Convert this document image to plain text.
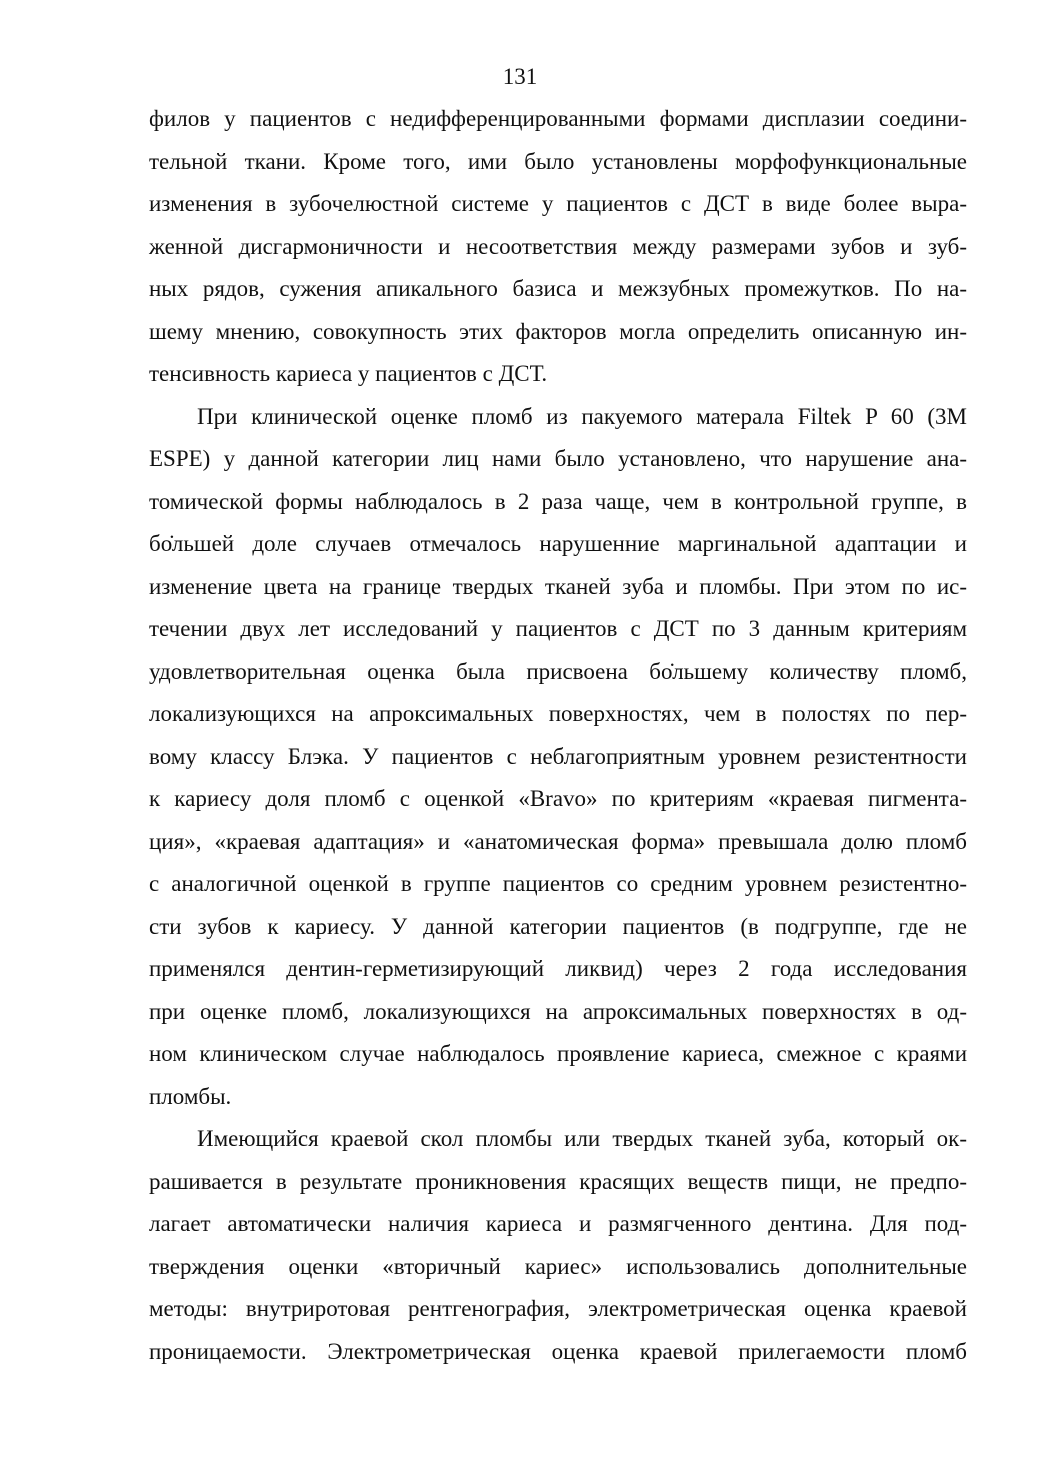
131
филов у пациентов с недифференцированными формами дисплазии соедини-
тельной ткани. Кроме того, ими было установлены морфофункциональные
изменения в зубочелюстной системе у пациентов с ДСТ в виде более выра-
женной дисгармоничности и несоответствия между размерами зубов и зуб-
ных рядов, сужения апикального базиса и межзубных промежутков. По на-
шему мнению, совокупность этих факторов могла определить описанную ин-
тенсивность кариеса у пациентов с ДСТ.
При клинической оценке пломб из пакуемого матерала Filtek P 60 (3M
ESPE) у данной категории лиц нами было установлено, что нарушение ана-
томической формы наблюдалось в 2 раза чаще, чем в контрольной группе, в
бо̇льшей доле случаев отмечалось нарушенние маргинальной адаптации и
изменение цвета на границе твердых тканей зуба и пломбы. При этом по ис-
течении двух лет исследований у пациентов с ДСТ по 3 данным критериям
удовлетворительная оценка была присвоена бо̇льшему количеству пломб,
локализующихся на апроксимальных поверхностях, чем в полостях по пер-
вому классу Блэка. У пациентов с неблагоприятным уровнем резистентности
к кариесу доля пломб с оценкой «Bravo» по критериям «краевая пигмента-
ция», «краевая адаптация» и «анатомическая форма» превышала долю пломб
с аналогичной оценкой в группе пациентов со средним уровнем резистентно-
сти зубов к кариесу. У данной категории пациентов (в подгруппе, где не
применялся дентин-герметизирующий ликвид) через 2 года исследования
при оценке пломб, локализующихся на апроксимальных поверхностях в од-
ном клиническом случае наблюдалось проявление кариеса, смежное с краями
пломбы.
Имеющийся краевой скол пломбы или твердых тканей зуба, который ок-
рашивается в результате проникновения красящих веществ пищи, не предпо-
лагает автоматически наличия кариеса и размягченного дентина. Для под-
тверждения оценки «вторичный кариес» использовались дополнительные
методы: внутриротовая рентгенография, электрометрическая оценка краевой
проницаемости. Электрометрическая оценка краевой прилегаемости пломб
